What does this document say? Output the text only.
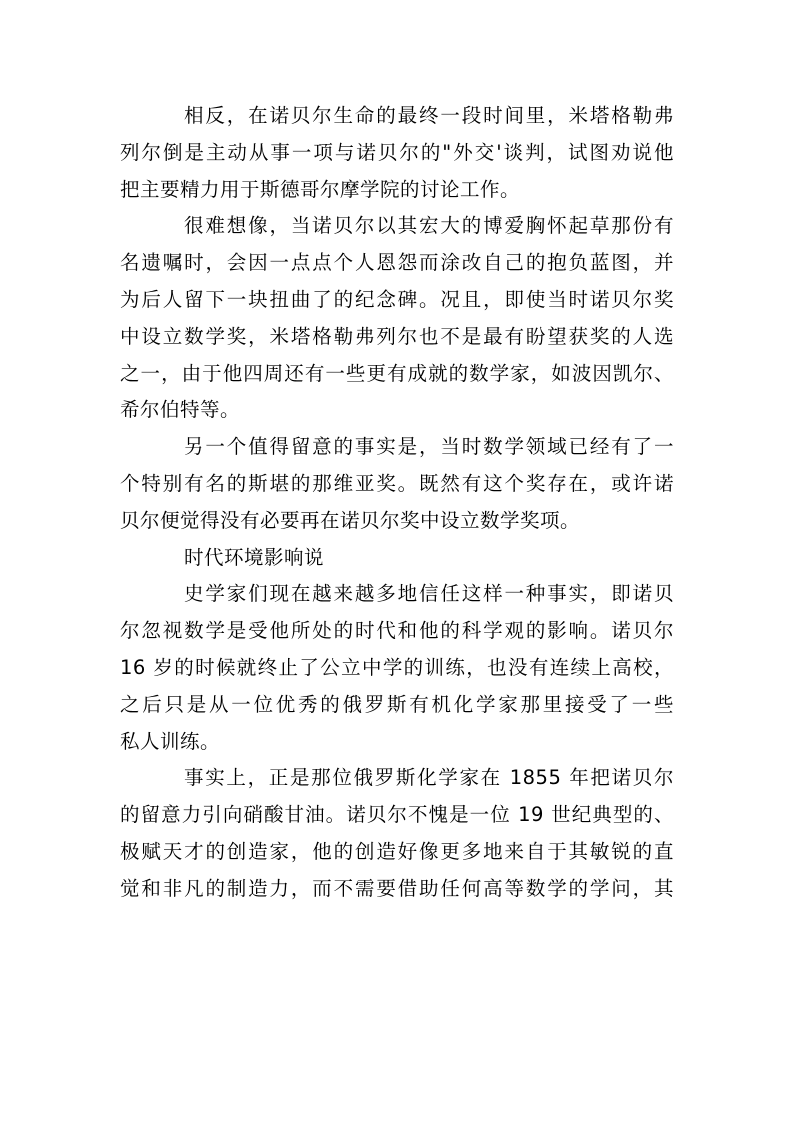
相反，在诺贝尔生命的最终一段时间里，米塔格勒弗
列尔倒是主动从事一项与诺贝尔的"外交'谈判，试图劝说他
把主要精力用于斯德哥尔摩学院的讨论工作。
很难想像，当诺贝尔以其宏大的博爱胸怀起草那份有
名遗嘱时，会因一点点个人恩怨而涂改自己的抱负蓝图，并
为后人留下一块扭曲了的纪念碑。况且，即使当时诺贝尔奖
中设立数学奖，米塔格勒弗列尔也不是最有盼望获奖的人选
之一，由于他四周还有一些更有成就的数学家，如波因凯尔、
希尔伯特等。
另一个值得留意的事实是，当时数学领域已经有了一
个特别有名的斯堪的那维亚奖。既然有这个奖存在，或许诺
贝尔便觉得没有必要再在诺贝尔奖中设立数学奖项。
时代环境影响说
史学家们现在越来越多地信任这样一种事实，即诺贝
尔忽视数学是受他所处的时代和他的科学观的影响。诺贝尔
16 岁的时候就终止了公立中学的训练，也没有连续上高校，
之后只是从一位优秀的俄罗斯有机化学家那里接受了一些
私人训练。
事实上，正是那位俄罗斯化学家在 1855 年把诺贝尔
的留意力引向硝酸甘油。诺贝尔不愧是一位 19 世纪典型的、
极赋天才的创造家，他的创造好像更多地来自于其敏锐的直
觉和非凡的制造力，而不需要借助任何高等数学的学问，其
